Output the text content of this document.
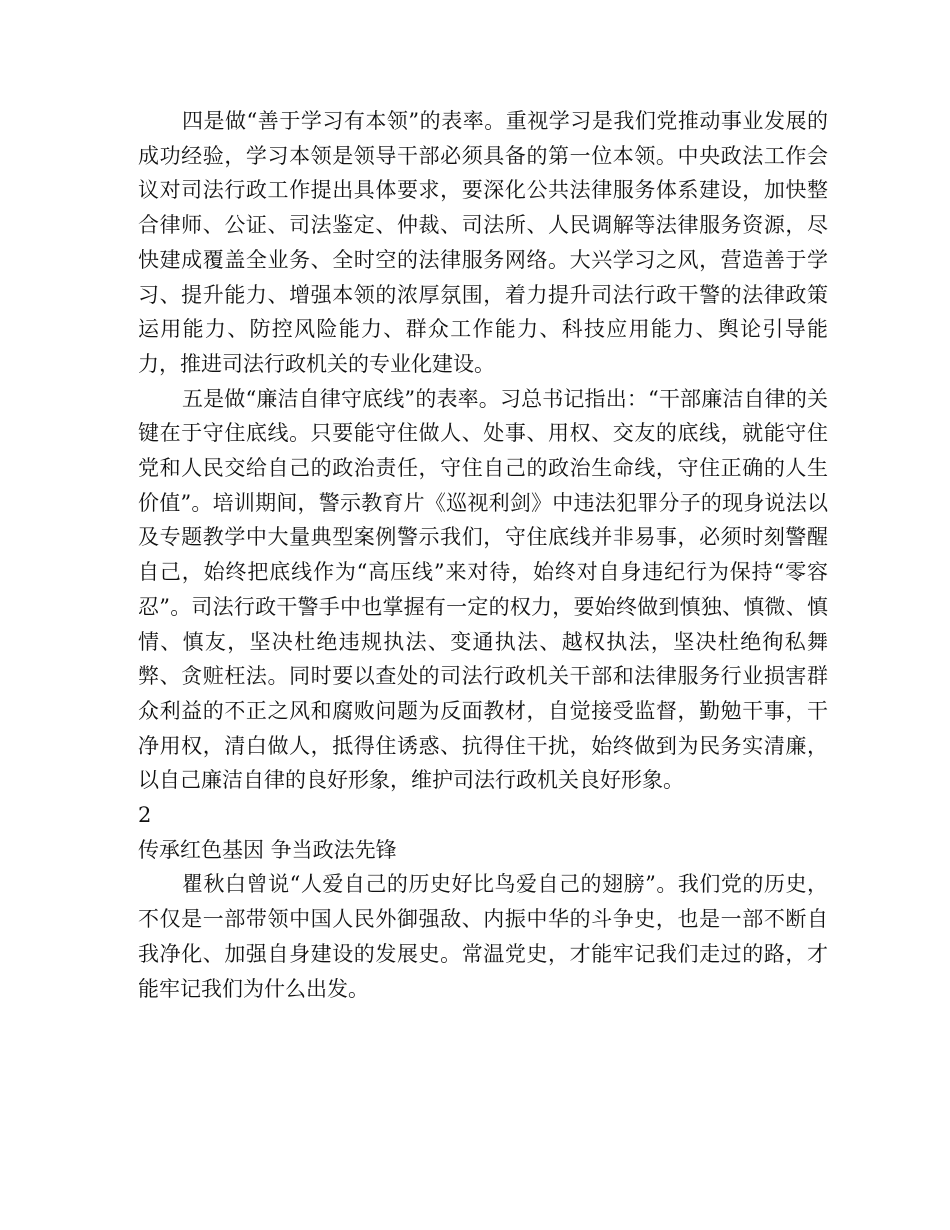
四是做“善于学习有本领”的表率。重视学习是我们党推动事业发展的成功经验，学习本领是领导干部必须具备的第一位本领。中央政法工作会议对司法行政工作提出具体要求，要深化公共法律服务体系建设，加快整合律师、公证、司法鉴定、仲裁、司法所、人民调解等法律服务资源，尽快建成覆盖全业务、全时空的法律服务网络。大兴学习之风，营造善于学习、提升能力、增强本领的浓厚氛围，着力提升司法行政干警的法律政策运用能力、防控风险能力、群众工作能力、科技应用能力、舆论引导能力，推进司法行政机关的专业化建设。

五是做“廉洁自律守底线”的表率。习总书记指出：“干部廉洁自律的关键在于守住底线。只要能守住做人、处事、用权、交友的底线，就能守住党和人民交给自己的政治责任，守住自己的政治生命线，守住正确的人生价值”。培训期间，警示教育片《巡视利剑》中违法犯罪分子的现身说法以及专题教学中大量典型案例警示我们，守住底线并非易事，必须时刻警醒自己，始终把底线作为“高压线”来对待，始终对自身违纪行为保持“零容忍”。司法行政干警手中也掌握有一定的权力，要始终做到慎独、慎微、慎情、慎友，坚决杜绝违规执法、变通执法、越权执法，坚决杜绝徇私舞弊、贪赃枉法。同时要以查处的司法行政机关干部和法律服务行业损害群众利益的不正之风和腐败问题为反面教材，自觉接受监督，勤勉干事，干净用权，清白做人，抵得住诱惑、抗得住干扰，始终做到为民务实清廉，以自己廉洁自律的良好形象，维护司法行政机关良好形象。

2

传承红色基因 争当政法先锋

瞿秋白曾说“人爱自己的历史好比鸟爱自己的翅膀”。我们党的历史，不仅是一部带领中国人民外御强敌、内振中华的斗争史，也是一部不断自我净化、加强自身建设的发展史。常温党史，才能牢记我们走过的路，才能牢记我们为什么出发。
